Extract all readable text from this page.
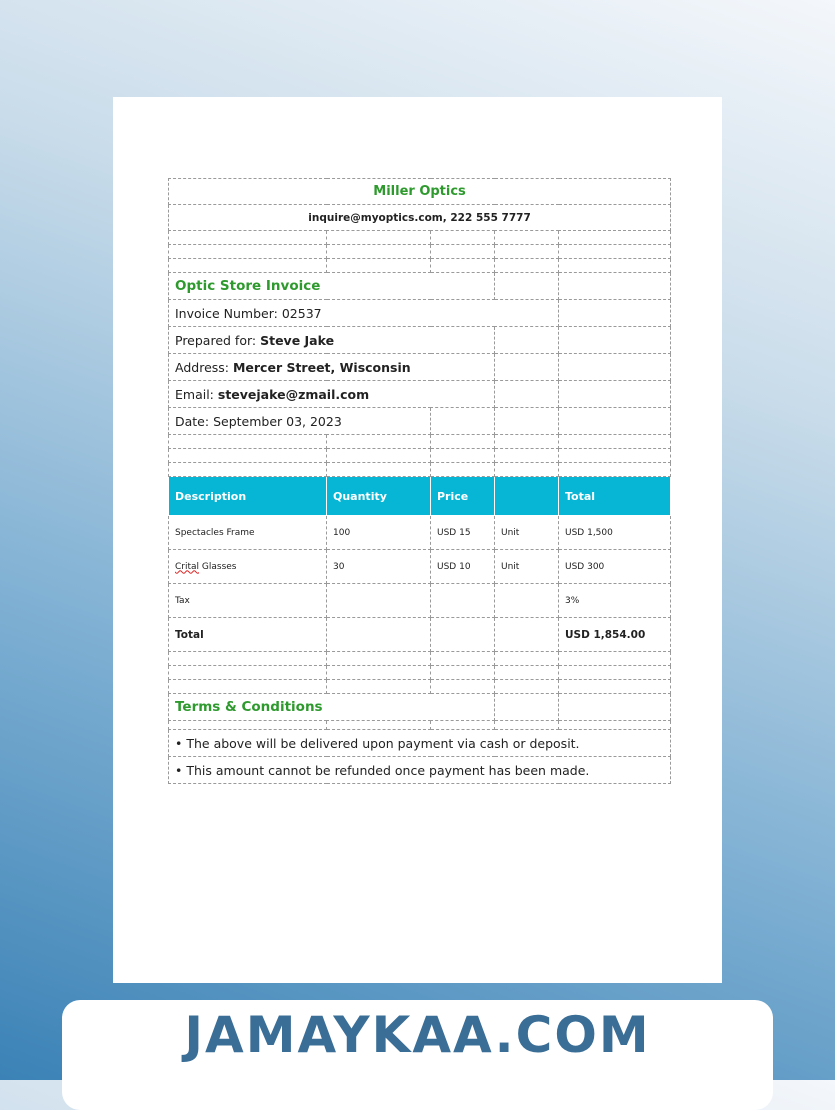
Miller Optics				
inquire@myoptics.com, 222 555 7777				

Optic Store Invoice				
Invoice Number: 02537				
Prepared for: Steve Jake				
Address: Mercer Street, Wisconsin				
Email: stevejake@zmail.com				
Date: September 03, 2023				

Description	Quantity	Price		Total
Spectacles Frame	100	USD 15	Unit	USD 1,500
Crital Glasses	30	USD 10	Unit	USD 300
Tax				3%
Total				USD 1,854.00

Terms & Conditions				

• The above will be delivered upon payment via cash or deposit.				
• This amount cannot be refunded once payment has been made.				
JAMAYKAA.COM
